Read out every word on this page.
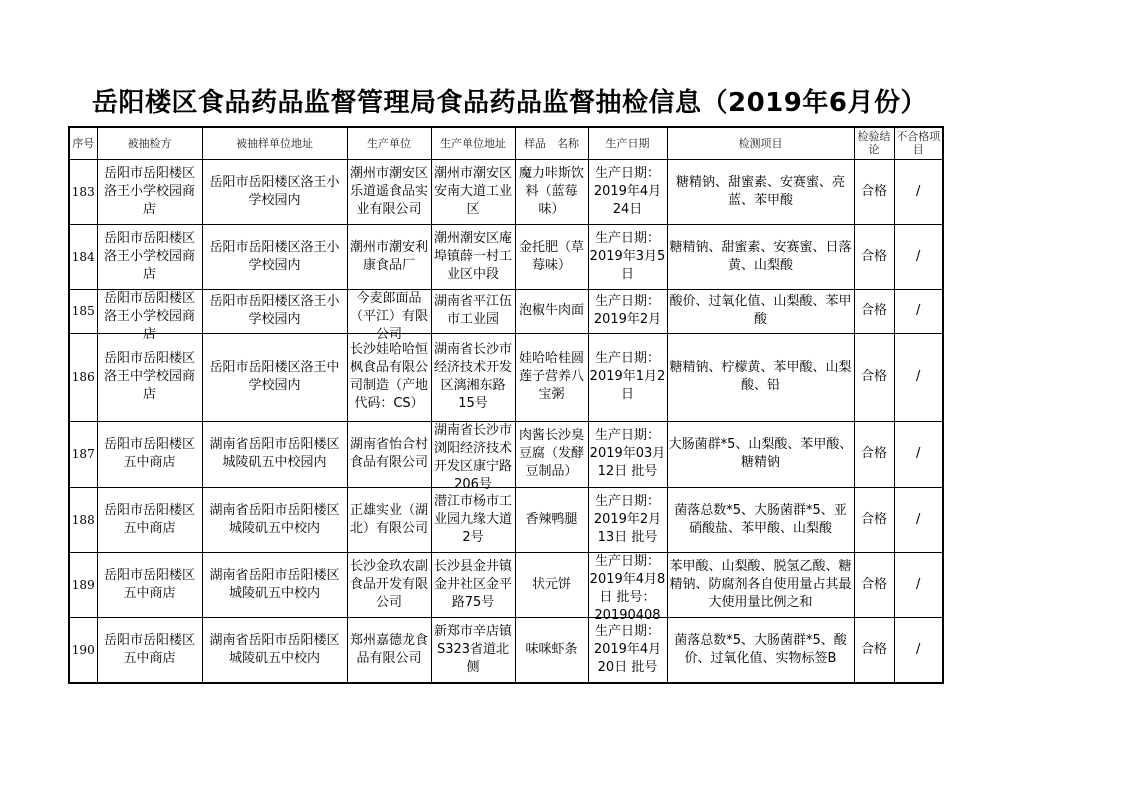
岳阳楼区食品药品监督管理局食品药品监督抽检信息（2019年6月份）
序号	被抽检方	被抽样单位地址	生产单位	生产单位地址	样品　名称	生产日期	检测项目	检验结论	不合格项目

183	岳阳市岳阳楼区洛王小学校园商店	岳阳市岳阳楼区洛王小学校园内	潮州市潮安区乐道遥食品实业有限公司	潮州市潮安区安南大道工业区	魔力咔斯饮料（蓝莓味）	生产日期：2019年4月24日	糖精钠、甜蜜素、安赛蜜、亮蓝、苯甲酸	合格	/

184	岳阳市岳阳楼区洛王小学校园商店	岳阳市岳阳楼区洛王小学校园内	潮州市潮安利康食品厂	潮州潮安区庵埠镇薛一村工业区中段	金托肥（草莓味）	生产日期：2019年3月5日	糖精钠、甜蜜素、安赛蜜、日落黄、山梨酸	合格	/

185	岳阳市岳阳楼区洛王小学校园商店	岳阳市岳阳楼区洛王小学校园内	今麦郎面品（平江）有限公司	湖南省平江伍市工业园	泡椒牛肉面	生产日期：2019年2月	酸价、过氧化值、山梨酸、苯甲酸	合格	/

186	岳阳市岳阳楼区洛王中学校园商店	岳阳市岳阳楼区洛王中学校园内	长沙娃哈哈恒枫食品有限公司制造（产地代码：CS）	湖南省长沙市经济技术开发区漓湘东路15号	娃哈哈桂圆莲子营养八宝粥	生产日期：2019年1月2日	糖精钠、柠檬黄、苯甲酸、山梨酸、铅	合格	/

187	岳阳市岳阳楼区五中商店	湖南省岳阳市岳阳楼区城陵矶五中校园内	湖南省怡合村食品有限公司	湖南省长沙市浏阳经济技术开发区康宁路206号	肉酱长沙臭豆腐（发酵豆制品）	生产日期：2019年03月12日 批号	大肠菌群*5、山梨酸、苯甲酸、糖精钠	合格	/

188	岳阳市岳阳楼区五中商店	湖南省岳阳市岳阳楼区城陵矶五中校内	正雄实业（湖北）有限公司	潜江市杨市工业园九缘大道2号	香辣鸭腿	生产日期：2019年2月13日 批号	菌落总数*5、大肠菌群*5、亚硝酸盐、苯甲酸、山梨酸	合格	/

189	岳阳市岳阳楼区五中商店	湖南省岳阳市岳阳楼区城陵矶五中校内	长沙金玖农副食品开发有限公司	长沙县金井镇金井社区金平路75号	状元饼	生产日期：2019年4月8日 批号：20190408	苯甲酸、山梨酸、脱氢乙酸、糖精钠、防腐剂各自使用量占其最大使用量比例之和	合格	/

190	岳阳市岳阳楼区五中商店	湖南省岳阳市岳阳楼区城陵矶五中校内	郑州嘉德龙食品有限公司	新郑市辛店镇S323省道北侧	味咪虾条	生产日期：2019年4月20日 批号	菌落总数*5、大肠菌群*5、酸价、过氧化值、实物标签B	合格	/
